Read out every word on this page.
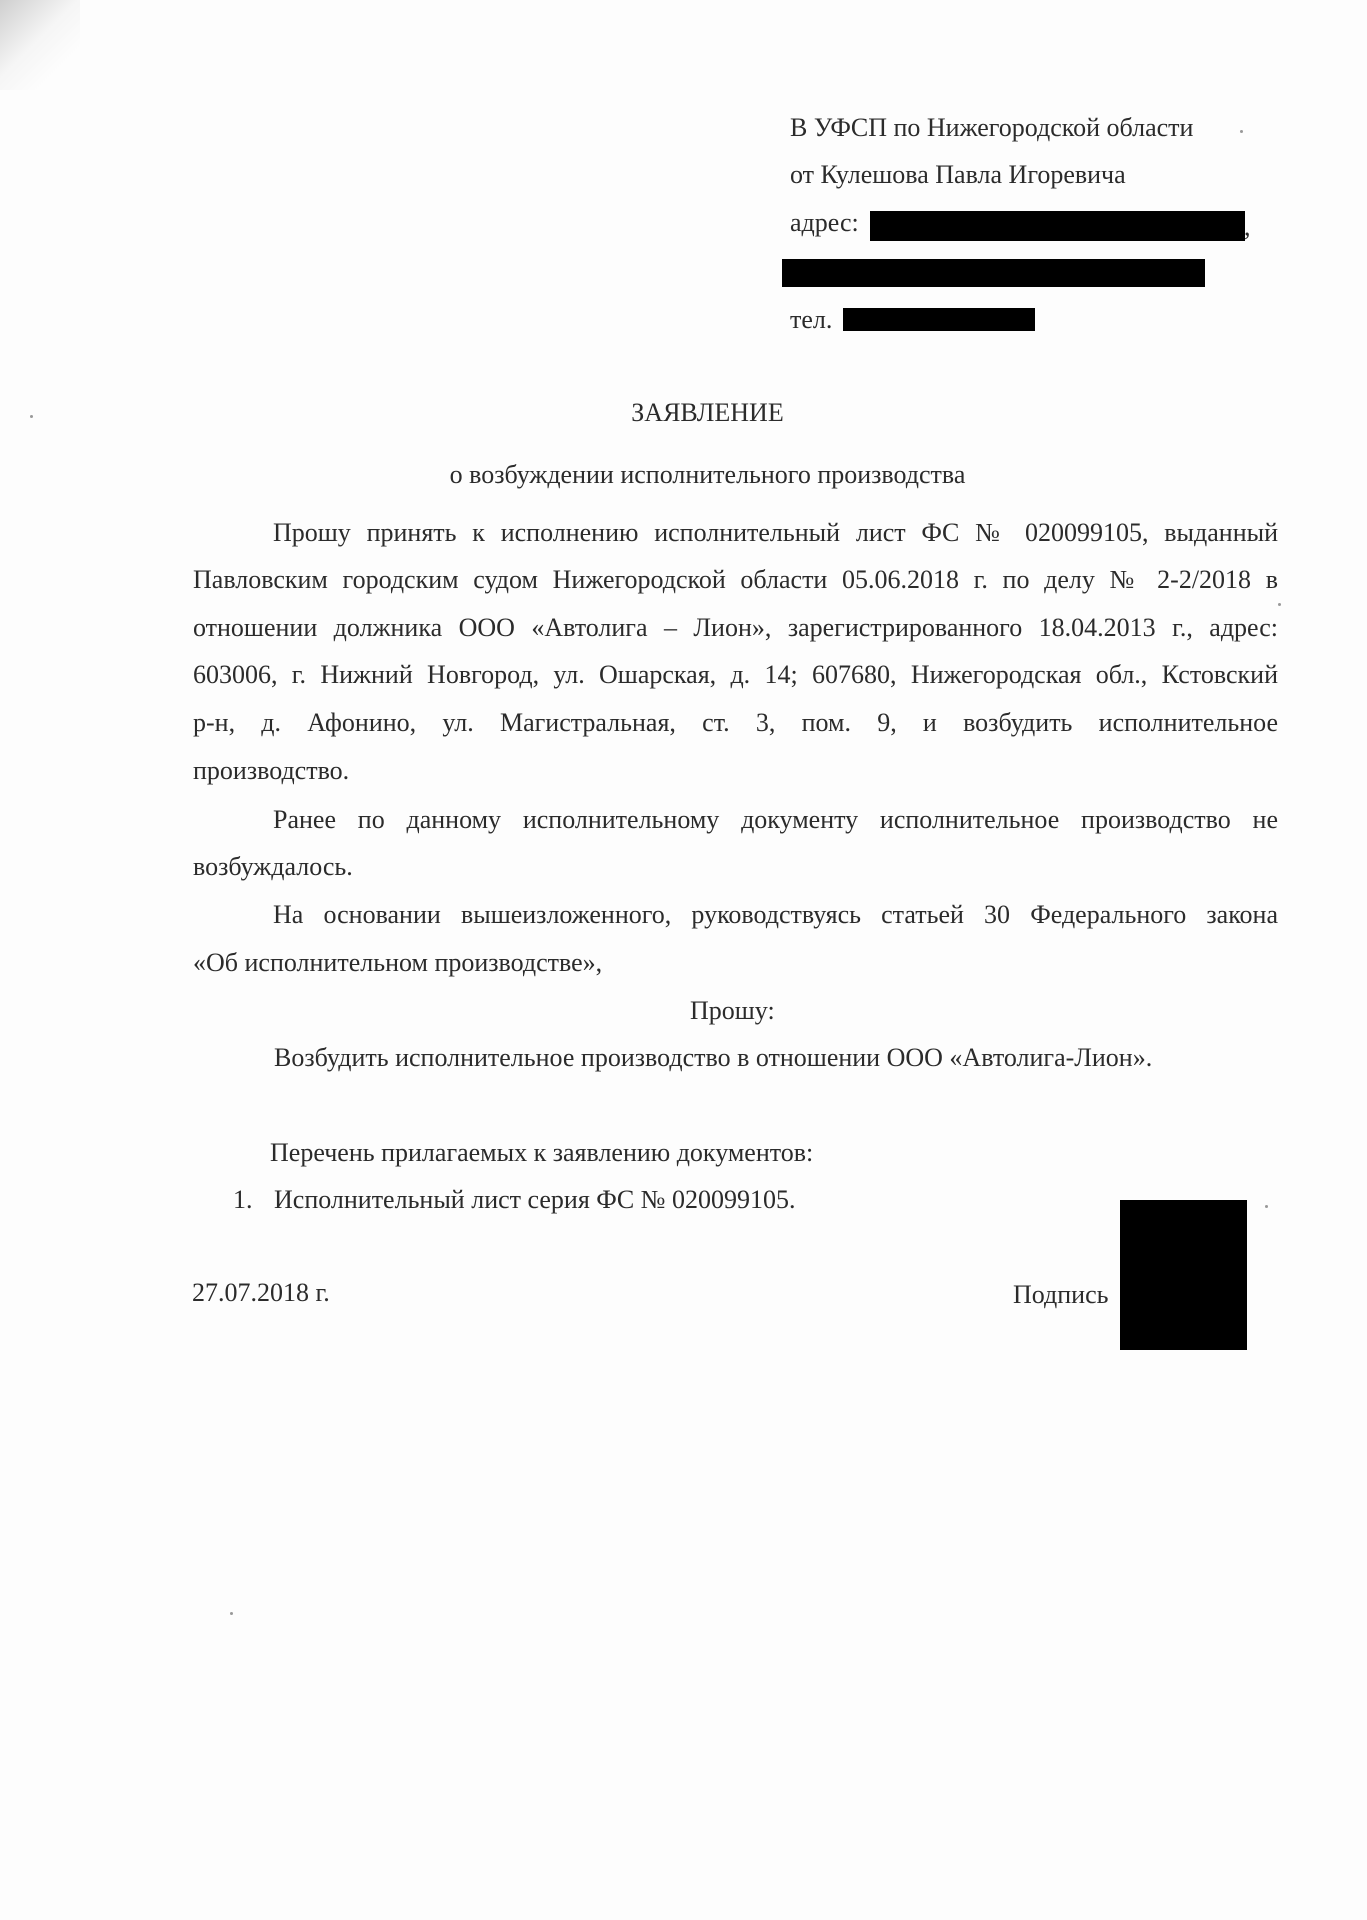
В УФСП по Нижегородской области
от Кулешова Павла Игоревича
адрес:	,
тел.
ЗАЯВЛЕНИЕ
о возбуждении исполнительного производства
Прошу принять к исполнению исполнительный лист ФС № 020099105, выданный
Павловским городским судом Нижегородской области 05.06.2018 г. по делу № 2-2/2018 в
отношении должника ООО «Автолига – Лион», зарегистрированного 18.04.2013 г., адрес:
603006, г. Нижний Новгород, ул. Ошарская, д. 14; 607680, Нижегородская обл., Кстовский
р-н, д. Афонино, ул. Магистральная, ст. 3, пом. 9, и возбудить исполнительное
производство.
Ранее по данному исполнительному документу исполнительное производство не
возбуждалось.
На основании вышеизложенного, руководствуясь статьей 30 Федерального закона
«Об исполнительном производстве»,
Прошу:
Возбудить исполнительное производство в отношении ООО «Автолига-Лион».
Перечень прилагаемых к заявлению документов:
1. Исполнительный лист серия ФС № 020099105.
27.07.2018 г.	Подпись
